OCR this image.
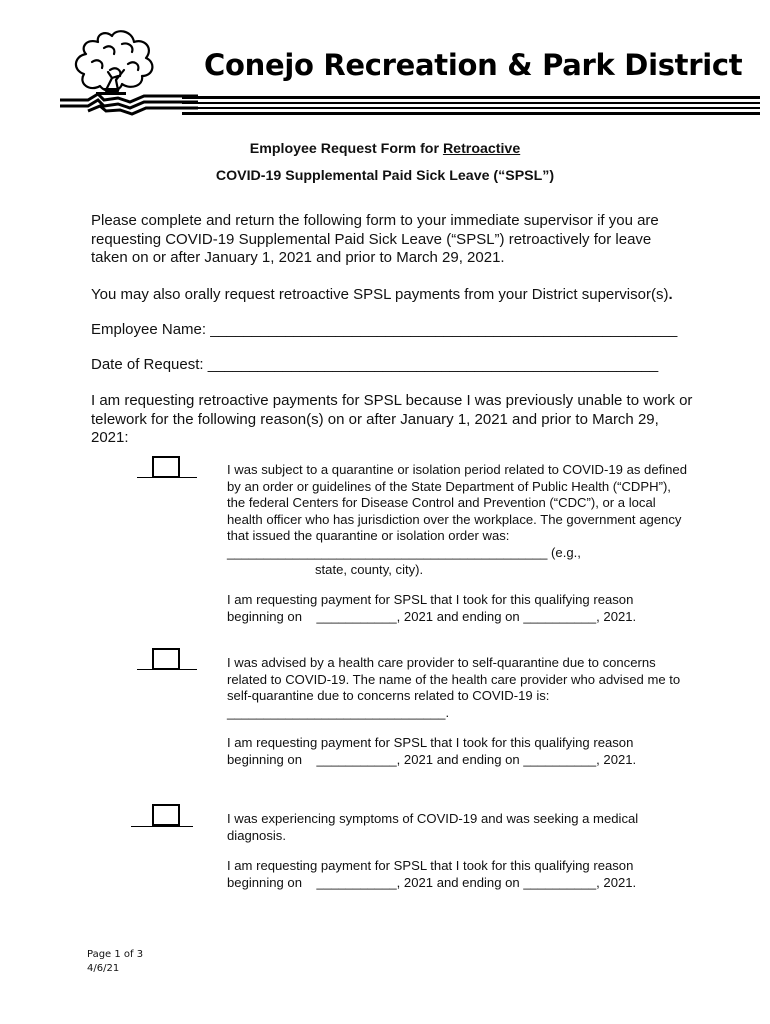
Conejo Recreation & Park District
Employee Request Form for Retroactive
COVID-19 Supplemental Paid Sick Leave (“SPSL”)
Please complete and return the following form to your immediate supervisor if you are requesting COVID-19 Supplemental Paid Sick Leave (“SPSL”) retroactively for leave taken on or after January 1, 2021 and prior to March 29, 2021.
You may also orally request retroactive SPSL payments from your District supervisor(s).
Employee Name: ________________________________________________________
Date of Request: ______________________________________________________
I am requesting retroactive payments for SPSL because I was previously unable to work or telework for the following reason(s) on or after January 1, 2021 and prior to March 29, 2021:

I was subject to a quarantine or isolation period related to COVID-19 as defined by an order or guidelines of the State Department of Public Health (“CDPH”), the federal Centers for Disease Control and Prevention (“CDC”), or a local health officer who has jurisdiction over the workplace. The government agency that issued the quarantine or isolation order was: ____________________________________________ (e.g.,

state, county, city).

I am requesting payment for SPSL that I took for this qualifying reason

beginning on    ___________, 2021 and ending on __________, 2021.

I was advised by a health care provider to self-quarantine due to concerns related to COVID-19. The name of the health care provider who advised me to self-quarantine due to concerns related to COVID-19 is: ______________________________.

I am requesting payment for SPSL that I took for this qualifying reason

beginning on    ___________, 2021 and ending on __________, 2021.

I was experiencing symptoms of COVID-19 and was seeking a medical diagnosis.

I am requesting payment for SPSL that I took for this qualifying reason

beginning on    ___________, 2021 and ending on __________, 2021.

Page 1 of 3
4/6/21
